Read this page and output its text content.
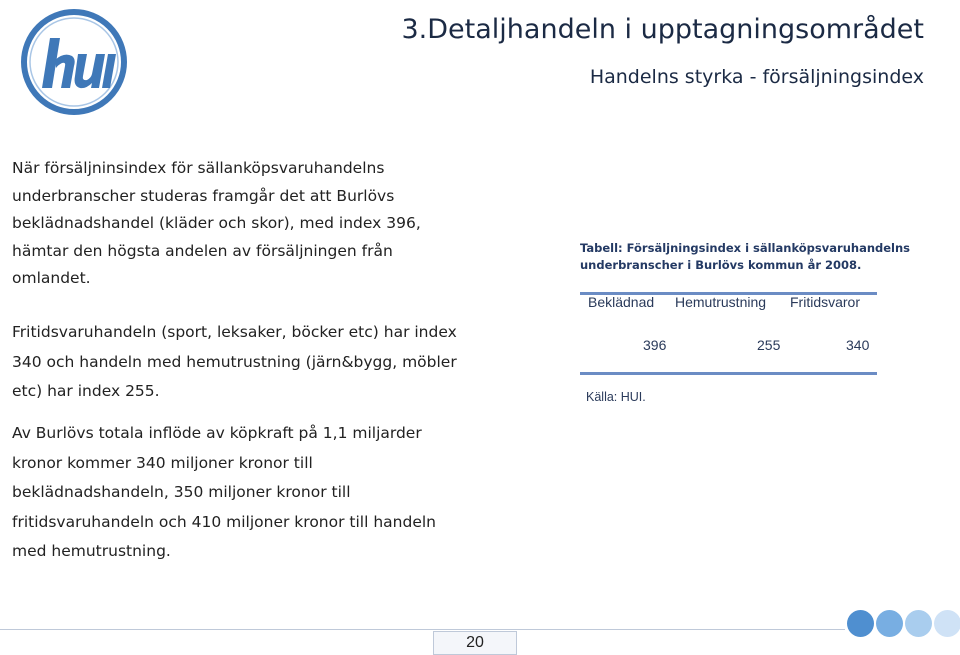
3.Detaljhandeln i upptagningsområdet
Handelns styrka - försäljningsindex

När försäljninsindex för sällanköpsvaruhandelns underbranscher studeras framgår det att Burlövs beklädnadshandel (kläder och skor), med index 396, hämtar den högsta andelen av försäljningen från omlandet.

Fritidsvaruhandeln (sport, leksaker, böcker etc) har index 340 och handeln med hemutrustning (järn&bygg, möbler etc) har index 255.

Av Burlövs totala inflöde av köpkraft på 1,1 miljarder kronor kommer 340 miljoner kronor till beklädnadshandeln, 350 miljoner kronor till fritidsvaruhandeln och 410 miljoner kronor till handeln med hemutrustning.

Tabell: Försäljningsindex i sällanköpsvaruhandelns underbranscher i Burlövs kommun år 2008.

Beklädnad Hemutrustning Fritidsvaror
396	255	340

Källa: HUI.

20
